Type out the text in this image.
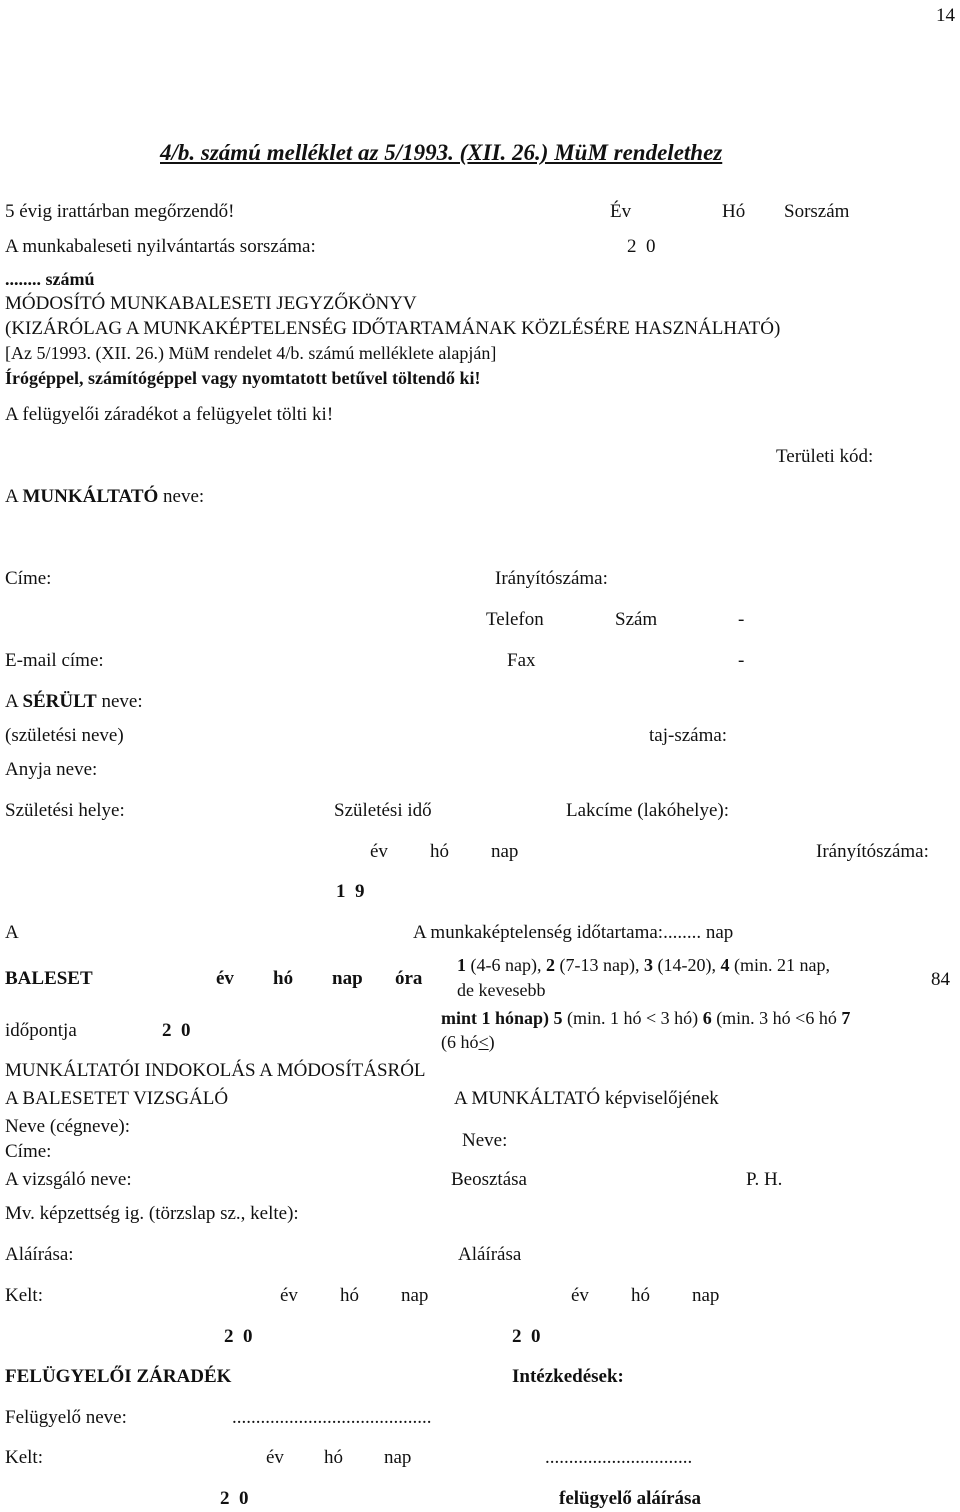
14
4/b. számú melléklet az 5/1993. (XII. 26.) MüM rendelethez
5 évig irattárban megőrzendő!	Év	Hó Sorszám
A munkabaleseti nyilvántartás sorszáma:	2  0
........ számú
MÓDOSÍTÓ MUNKABALESETI JEGYZŐKÖNYV
(KIZÁRÓLAG A MUNKAKÉPTELENSÉG IDŐTARTAMÁNAK KÖZLÉSÉRE HASZNÁLHATÓ)
[Az 5/1993. (XII. 26.) MüM rendelet 4/b. számú melléklete alapján]
Írógéppel, számítógéppel vagy nyomtatott betűvel töltendő ki!
A felügyelői záradékot a felügyelet tölti ki!
Területi kód:
A MUNKÁLTATÓ neve:
Címe:	Irányítószáma:
Telefon	Szám	-
E-mail címe:	Fax	-
A SÉRÜLT neve:
(születési neve)	taj-száma:
Anyja neve:
Születési helye:	Születési idő	Lakcíme (lakóhelye):
év hó nap	Irányítószáma:
1  9
A	A munkaképtelenség időtartama:........ nap
BALESET	év hó nap óra
1 (4-6 nap), 2 (7-13 nap), 3 (14-20), 4 (min. 21 nap,
de kevesebb	84
időpontja	2  0
mint 1 hónap) 5 (min. 1 hó < 3 hó) 6 (min. 3 hó <6 hó 7
(6 hó<)
MUNKÁLTATÓI INDOKOLÁS A MÓDOSÍTÁSRÓL
A BALESETET VIZSGÁLÓ	A MUNKÁLTATÓ képviselőjének
Neve (cégneve):
Neve:
Címe:
A vizsgáló neve:	Beosztása	P. H.
Mv. képzettség ig. (törzslap sz., kelte):
Aláírása:	Aláírása
Kelt:	év hó nap	év hó nap
2  0	2  0
FELÜGYELŐI ZÁRADÉK	Intézkedések:
Felügyelő neve:	..........................................
Kelt:	év hó nap	...............................
2  0	felügyelő aláírása
